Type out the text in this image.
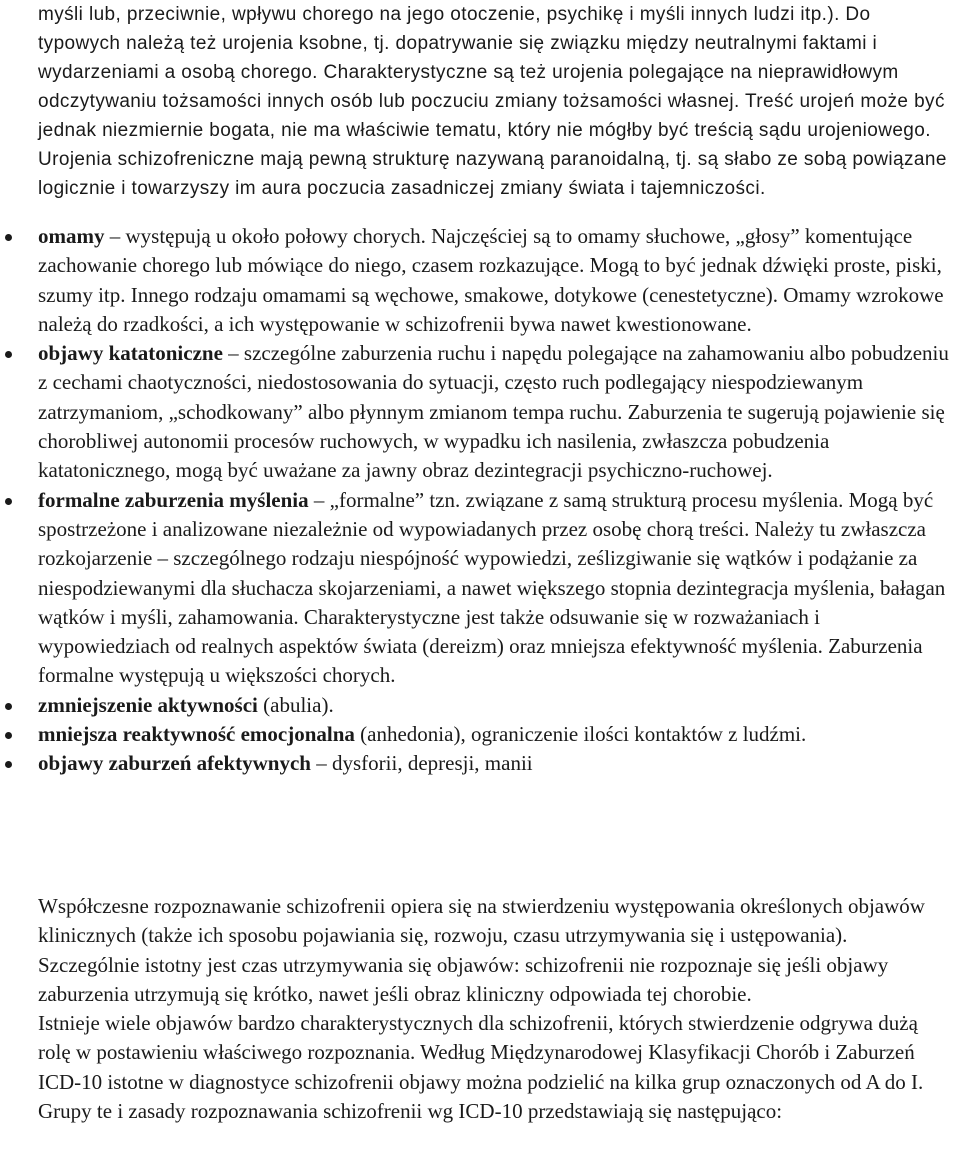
myśli lub, przeciwnie, wpływu chorego na jego otoczenie, psychikę i myśli innych ludzi itp.). Do typowych należą też urojenia ksobne, tj. dopatrywanie się związku między neutralnymi faktami i wydarzeniami a osobą chorego. Charakterystyczne są też urojenia polegające na nieprawidłowym odczytywaniu tożsamości innych osób lub poczuciu zmiany tożsamości własnej. Treść urojeń może być jednak niezmiernie bogata, nie ma właściwie tematu, który nie mógłby być treścią sądu urojeniowego. Urojenia schizofreniczne mają pewną strukturę nazywaną paranoidalną, tj. są słabo ze sobą powiązane logicznie i towarzyszy im aura poczucia zasadniczej zmiany świata i tajemniczości.

omamy – występują u około połowy chorych. Najczęściej są to omamy słuchowe, „głosy” komentujące zachowanie chorego lub mówiące do niego, czasem rozkazujące. Mogą to być jednak dźwięki proste, piski, szumy itp. Innego rodzaju omamami są węchowe, smakowe, dotykowe (cenestetyczne). Omamy wzrokowe należą do rzadkości, a ich występowanie w schizofrenii bywa nawet kwestionowane.
objawy katatoniczne – szczególne zaburzenia ruchu i napędu polegające na zahamowaniu albo pobudzeniu z cechami chaotyczności, niedostosowania do sytuacji, często ruch podlegający niespodziewanym zatrzymaniom, „schodkowany” albo płynnym zmianom tempa ruchu. Zaburzenia te sugerują pojawienie się chorobliwej autonomii procesów ruchowych, w wypadku ich nasilenia, zwłaszcza pobudzenia katatonicznego, mogą być uważane za jawny obraz dezintegracji psychiczno-ruchowej.
formalne zaburzenia myślenia – „formalne” tzn. związane z samą strukturą procesu myślenia. Mogą być spostrzeżone i analizowane niezależnie od wypowiadanych przez osobę chorą treści. Należy tu zwłaszcza rozkojarzenie – szczególnego rodzaju niespójność wypowiedzi, ześlizgiwanie się wątków i podążanie za niespodziewanymi dla słuchacza skojarzeniami, a nawet większego stopnia dezintegracja myślenia, bałagan wątków i myśli, zahamowania. Charakterystyczne jest także odsuwanie się w rozważaniach i wypowiedziach od realnych aspektów świata (dereizm) oraz mniejsza efektywność myślenia. Zaburzenia formalne występują u większości chorych.
zmniejszenie aktywności (abulia).
mniejsza reaktywność emocjonalna (anhedonia), ograniczenie ilości kontaktów z ludźmi.
objawy zaburzeń afektywnych – dysforii, depresji, manii

Współczesne rozpoznawanie schizofrenii opiera się na stwierdzeniu występowania określonych objawów klinicznych (także ich sposobu pojawiania się, rozwoju, czasu utrzymywania się i ustępowania). Szczególnie istotny jest czas utrzymywania się objawów: schizofrenii nie rozpoznaje się jeśli objawy zaburzenia utrzymują się krótko, nawet jeśli obraz kliniczny odpowiada tej chorobie.

Istnieje wiele objawów bardzo charakterystycznych dla schizofrenii, których stwierdzenie odgrywa dużą rolę w postawieniu właściwego rozpoznania. Według Międzynarodowej Klasyfikacji Chorób i Zaburzeń ICD-10 istotne w diagnostyce schizofrenii objawy można podzielić na kilka grup oznaczonych od A do I. Grupy te i zasady rozpoznawania schizofrenii wg ICD-10 przedstawiają się następująco:
